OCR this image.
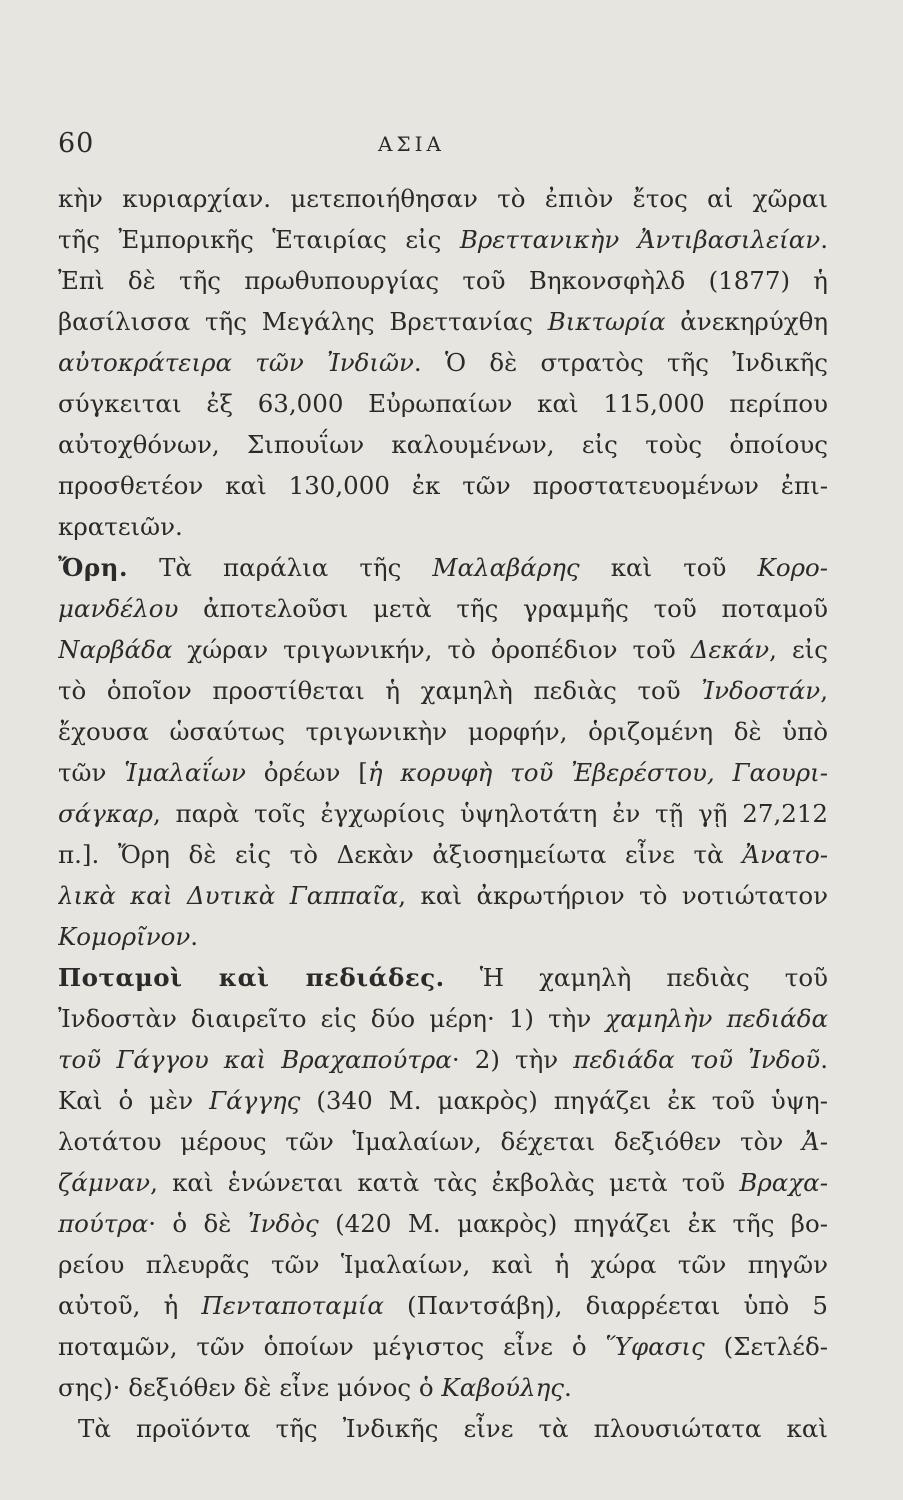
60	ΑΣΙΑ
κὴν κυριαρχίαν. μετεποιήθησαν τὸ ἐπιὸν ἔτος αἱ χῶραι
τῆς Ἐμπορικῆς Ἑταιρίας εἰς Βρεττανικὴν Ἀντιβασιλείαν.
Ἐπὶ δὲ τῆς πρωθυπουργίας τοῦ Βηκονσφὴλδ (1877) ἡ
βασίλισσα τῆς Μεγάλης Βρεττανίας Βικτωρία ἀνεκηρύχθη
αὐτοκράτειρα τῶν Ἰνδιῶν. Ὁ δὲ στρατὸς τῆς Ἰνδικῆς
σύγκειται ἐξ 63,000 Εὐρωπαίων καὶ 115,000 περίπου
αὐτοχθόνων, Σιπουΐων καλουμένων, εἰς τοὺς ὁποίους
προσθετέον καὶ 130,000 ἐκ τῶν προστατευομένων ἐπι-
κρατειῶν.
Ὄρη. Τὰ παράλια τῆς Μαλαβάρης καὶ τοῦ Κορο-
μανδέλου ἀποτελοῦσι μετὰ τῆς γραμμῆς τοῦ ποταμοῦ
Ναρβάδα χώραν τριγωνικήν, τὸ ὀροπέδιον τοῦ Δεκάν, εἰς
τὸ ὁποῖον προστίθεται ἡ χαμηλὴ πεδιὰς τοῦ Ἰνδοστάν,
ἔχουσα ὡσαύτως τριγωνικὴν μορφήν, ὁριζομένη δὲ ὑπὸ
τῶν Ἱμαλαΐων ὀρέων [ἡ κορυφὴ τοῦ Ἐβερέστου, Γαουρι-
σάγκαρ, παρὰ τοῖς ἐγχωρίοις ὑψηλοτάτη ἐν τῇ γῇ 27,212
π.]. Ὄρη δὲ εἰς τὸ Δεκὰν ἀξιοσημείωτα εἶνε τὰ Ἀνατο-
λικὰ καὶ Δυτικὰ Γαππαῖα, καὶ ἀκρωτήριον τὸ νοτιώτατον
Κομορῖνον.
Ποταμοὶ καὶ πεδιάδες. Ἡ χαμηλὴ πεδιὰς τοῦ
Ἰνδοστὰν διαιρεῖτο εἰς δύο μέρη· 1) τὴν χαμηλὴν πεδιάδα
τοῦ Γάγγου καὶ Βραχαπούτρα· 2) τὴν πεδιάδα τοῦ Ἰνδοῦ.
Καὶ ὁ μὲν Γάγγης (340 Μ. μακρὸς) πηγάζει ἐκ τοῦ ὑψη-
λοτάτου μέρους τῶν Ἱμαλαίων, δέχεται δεξιόθεν τὸν Ἀ-
ζάμναν, καὶ ἑνώνεται κατὰ τὰς ἐκβολὰς μετὰ τοῦ Βραχα-
πούτρα· ὁ δὲ Ἰνδὸς (420 Μ. μακρὸς) πηγάζει ἐκ τῆς βο-
ρείου πλευρᾶς τῶν Ἱμαλαίων, καὶ ἡ χώρα τῶν πηγῶν
αὐτοῦ, ἡ Πενταποταμία (Παντσάβη), διαρρέεται ὑπὸ 5
ποταμῶν, τῶν ὁποίων μέγιστος εἶνε ὁ Ὕφασις (Σετλέδ-
σης)· δεξιόθεν δὲ εἶνε μόνος ὁ Καβούλης.
Τὰ προϊόντα τῆς Ἰνδικῆς εἶνε τὰ πλουσιώτατα καὶ
